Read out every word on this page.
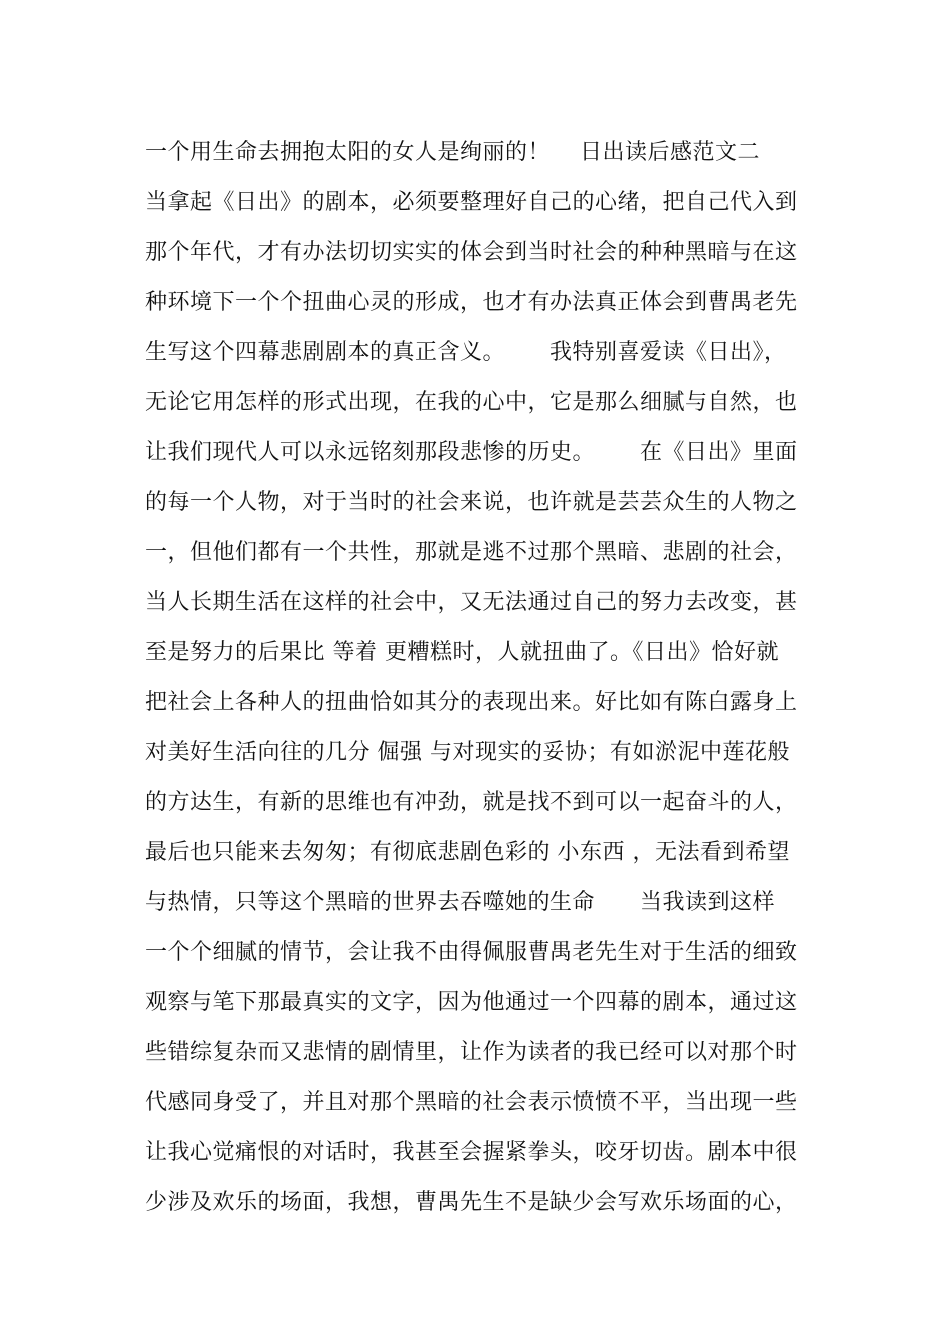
一个用生命去拥抱太阳的女人是绚丽的！    日出读后感范文二
当拿起《日出》的剧本，必须要整理好自己的心绪，把自己代入到
那个年代，才有办法切切实实的体会到当时社会的种种黑暗与在这
种环境下一个个扭曲心灵的形成，也才有办法真正体会到曹禺老先
生写这个四幕悲剧剧本的真正含义。      我特别喜爱读《日出》，
无论它用怎样的形式出现，在我的心中，它是那么细腻与自然，也
让我们现代人可以永远铭刻那段悲惨的历史。      在《日出》里面
的每一个人物，对于当时的社会来说，也许就是芸芸众生的人物之
一，但他们都有一个共性，那就是逃不过那个黑暗、悲剧的社会，
当人长期生活在这样的社会中，又无法通过自己的努力去改变，甚
至是努力的后果比 等着 更糟糕时，人就扭曲了。《日出》恰好就
把社会上各种人的扭曲恰如其分的表现出来。好比如有陈白露身上
对美好生活向往的几分 倔强 与对现实的妥协；有如淤泥中莲花般
的方达生，有新的思维也有冲劲，就是找不到可以一起奋斗的人，
最后也只能来去匆匆；有彻底悲剧色彩的 小东西 ，无法看到希望
与热情，只等这个黑暗的世界去吞噬她的生命      当我读到这样
一个个细腻的情节，会让我不由得佩服曹禺老先生对于生活的细致
观察与笔下那最真实的文字，因为他通过一个四幕的剧本，通过这
些错综复杂而又悲情的剧情里，让作为读者的我已经可以对那个时
代感同身受了，并且对那个黑暗的社会表示愤愤不平，当出现一些
让我心觉痛恨的对话时，我甚至会握紧拳头，咬牙切齿。剧本中很
少涉及欢乐的场面，我想，曹禺先生不是缺少会写欢乐场面的心，
